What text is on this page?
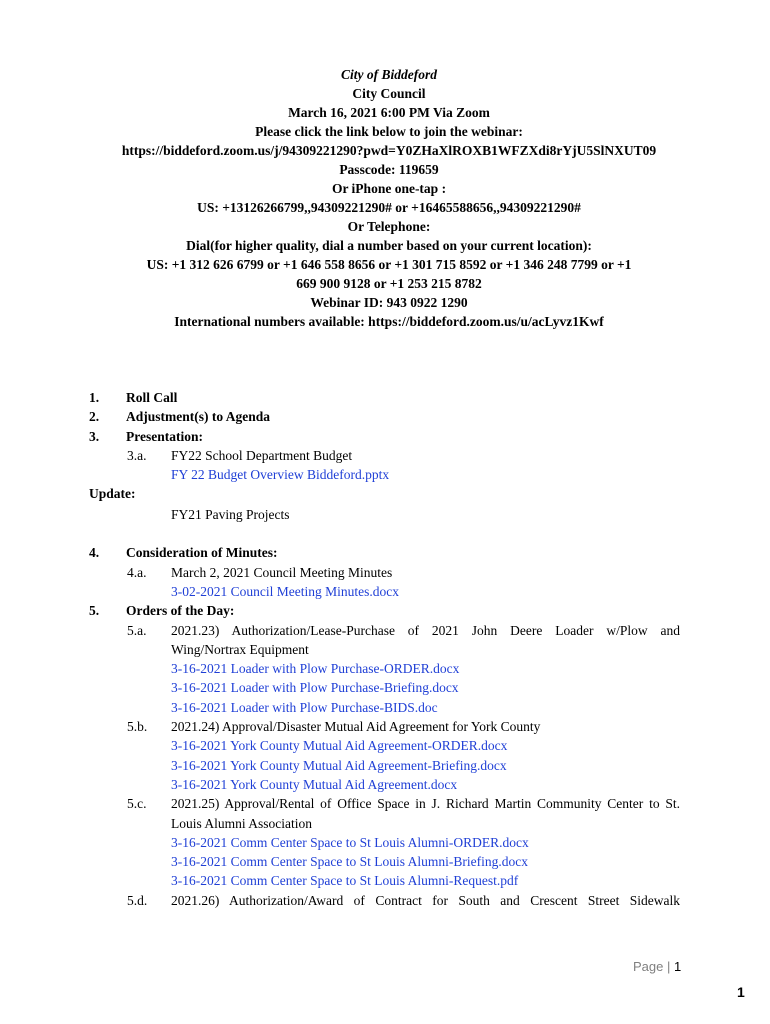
City of Biddeford
City Council
March 16, 2021 6:00 PM Via Zoom
Please click the link below to join the webinar:
https://biddeford.zoom.us/j/94309221290?pwd=Y0ZHaXlROXB1WFZXdi8rYjU5SlNXUT09
Passcode: 119659
Or iPhone one-tap :
US: +13126266799,,94309221290# or +16465588656,,94309221290#
Or Telephone:
Dial(for higher quality, dial a number based on your current location):
US: +1 312 626 6799 or +1 646 558 8656 or +1 301 715 8592 or +1 346 248 7799 or +1
669 900 9128 or +1 253 215 8782
Webinar ID: 943 0922 1290
International numbers available: https://biddeford.zoom.us/u/acLyvz1Kwf
1. Roll Call
2. Adjustment(s) to Agenda
3. Presentation:
3.a. FY22 School Department Budget
FY 22 Budget Overview Biddeford.pptx
Update:
FY21 Paving Projects
4. Consideration of Minutes:
4.a. March 2, 2021 Council Meeting Minutes
3-02-2021 Council Meeting Minutes.docx
5. Orders of the Day:
5.a. 2021.23) Authorization/Lease-Purchase of 2021 John Deere Loader w/Plow and
Wing/Nortrax Equipment
3-16-2021 Loader with Plow Purchase-ORDER.docx
3-16-2021 Loader with Plow Purchase-Briefing.docx
3-16-2021 Loader with Plow Purchase-BIDS.doc
5.b. 2021.24) Approval/Disaster Mutual Aid Agreement for York County
3-16-2021 York County Mutual Aid Agreement-ORDER.docx
3-16-2021 York County Mutual Aid Agreement-Briefing.docx
3-16-2021 York County Mutual Aid Agreement.docx
5.c. 2021.25) Approval/Rental of Office Space in J. Richard Martin Community Center to St.
Louis Alumni Association
3-16-2021 Comm Center Space to St Louis Alumni-ORDER.docx
3-16-2021 Comm Center Space to St Louis Alumni-Briefing.docx
3-16-2021 Comm Center Space to St Louis Alumni-Request.pdf
5.d. 2021.26) Authorization/Award of Contract for South and Crescent Street Sidewalk
Page | 1
1
